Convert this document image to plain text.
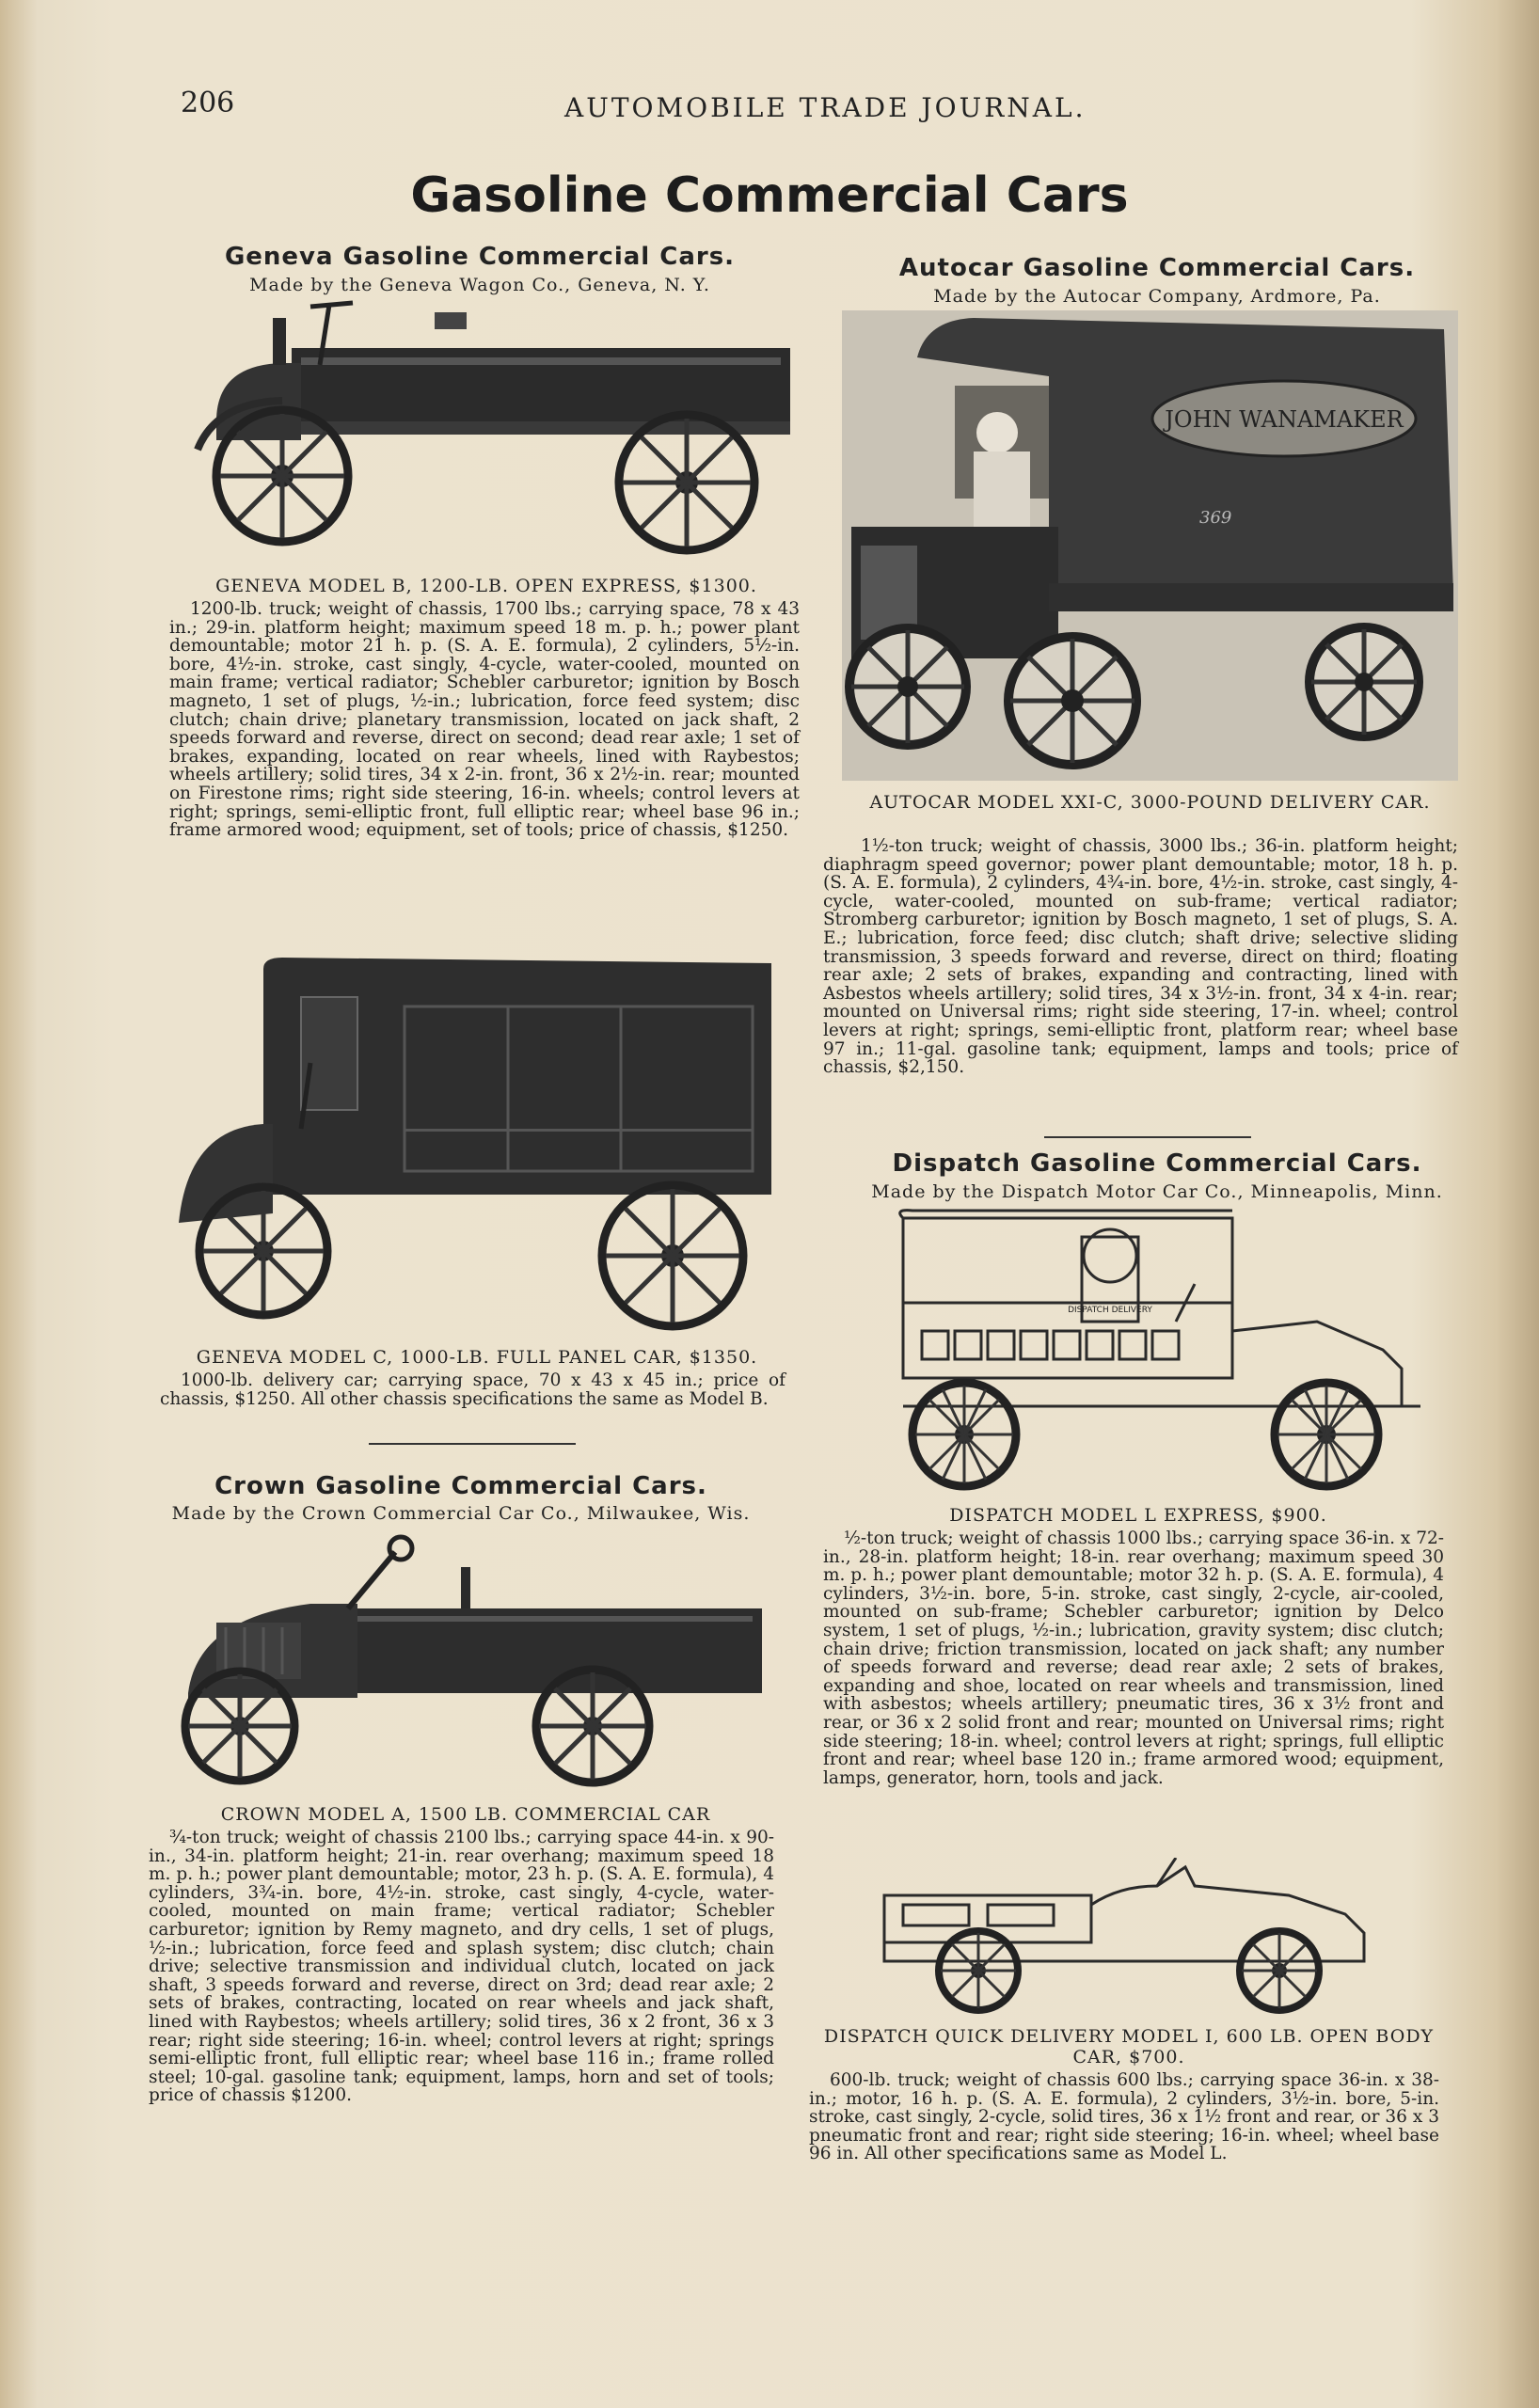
206	AUTOMOBILE TRADE JOURNAL.
Gasoline Commercial Cars
Geneva Gasoline Commercial Cars.
Made by the Geneva Wagon Co., Geneva, N. Y.
GENEVA MODEL B, 1200-LB. OPEN EXPRESS, $1300.
1200-lb. truck; weight of chassis, 1700 lbs.; carrying space, 78 x 43 in.; 29-in. platform height; maximum speed 18 m. p. h.; power plant demountable; motor 21 h. p. (S. A. E. formula), 2 cylinders, 5½-in. bore, 4½-in. stroke, cast singly, 4-cycle, water-cooled, mounted on main frame; vertical radiator; Schebler carburetor; ignition by Bosch magneto, 1 set of plugs, ½-in.; lubrication, force feed system; disc clutch; chain drive; planetary transmission, located on jack shaft, 2 speeds forward and reverse, direct on second; dead rear axle; 1 set of brakes, expanding, located on rear wheels, lined with Raybestos; wheels artillery; solid tires, 34 x 2-in. front, 36 x 2½-in. rear; mounted on Firestone rims; right side steering, 16-in. wheels; control levers at right; springs, semi-elliptic front, full elliptic rear; wheel base 96 in.; frame armored wood; equipment, set of tools; price of chassis, $1250.
GENEVA MODEL C, 1000-LB. FULL PANEL CAR, $1350.
1000-lb. delivery car; carrying space, 70 x 43 x 45 in.; price of chassis, $1250. All other chassis specifications the same as Model B.
Crown Gasoline Commercial Cars.
Made by the Crown Commercial Car Co., Milwaukee, Wis.
CROWN MODEL A, 1500 LB. COMMERCIAL CAR
¾-ton truck; weight of chassis 2100 lbs.; carrying space 44-in. x 90-in., 34-in. platform height; 21-in. rear overhang; maximum speed 18 m. p. h.; power plant demountable; motor, 23 h. p. (S. A. E. formula), 4 cylinders, 3¾-in. bore, 4½-in. stroke, cast singly, 4-cycle, water-cooled, mounted on main frame; vertical radiator; Schebler carburetor; ignition by Remy magneto, and dry cells, 1 set of plugs, ½-in.; lubrication, force feed and splash system; disc clutch; chain drive; selective transmission and individual clutch, located on jack shaft, 3 speeds forward and reverse, direct on 3rd; dead rear axle; 2 sets of brakes, contracting, located on rear wheels and jack shaft, lined with Raybestos; wheels artillery; solid tires, 36 x 2 front, 36 x 3 rear; right side steering; 16-in. wheel; control levers at right; springs semi-elliptic front, full elliptic rear; wheel base 116 in.; frame rolled steel; 10-gal. gasoline tank; equipment, lamps, horn and set of tools; price of chassis $1200.
Autocar Gasoline Commercial Cars.
Made by the Autocar Company, Ardmore, Pa.
JOHN WANAMAKER
369
AUTOCAR MODEL XXI-C, 3000-POUND DELIVERY CAR.
1½-ton truck; weight of chassis, 3000 lbs.; 36-in. platform height; diaphragm speed governor; power plant demountable; motor, 18 h. p. (S. A. E. formula), 2 cylinders, 4¾-in. bore, 4½-in. stroke, cast singly, 4-cycle, water-cooled, mounted on sub-frame; vertical radiator; Stromberg carburetor; ignition by Bosch magneto, 1 set of plugs, S. A. E.; lubrication, force feed; disc clutch; shaft drive; selective sliding transmission, 3 speeds forward and reverse, direct on third; floating rear axle; 2 sets of brakes, expanding and contracting, lined with Asbestos wheels artillery; solid tires, 34 x 3½-in. front, 34 x 4-in. rear; mounted on Universal rims; right side steering, 17-in. wheel; control levers at right; springs, semi-elliptic front, platform rear; wheel base 97 in.; 11-gal. gasoline tank; equipment, lamps and tools; price of chassis, $2,150.
Dispatch Gasoline Commercial Cars.
Made by the Dispatch Motor Car Co., Minneapolis, Minn.
DISPATCH DELIVERY
DISPATCH MODEL L EXPRESS, $900.
½-ton truck; weight of chassis 1000 lbs.; carrying space 36-in. x 72-in., 28-in. platform height; 18-in. rear overhang; maximum speed 30 m. p. h.; power plant demountable; motor 32 h. p. (S. A. E. formula), 4 cylinders, 3½-in. bore, 5-in. stroke, cast singly, 2-cycle, air-cooled, mounted on sub-frame; Schebler carburetor; ignition by Delco system, 1 set of plugs, ½-in.; lubrication, gravity system; disc clutch; chain drive; friction transmission, located on jack shaft; any number of speeds forward and reverse; dead rear axle; 2 sets of brakes, expanding and shoe, located on rear wheels and transmission, lined with asbestos; wheels artillery; pneumatic tires, 36 x 3½ front and rear, or 36 x 2 solid front and rear; mounted on Universal rims; right side steering; 18-in. wheel; control levers at right; springs, full elliptic front and rear; wheel base 120 in.; frame armored wood; equipment, lamps, generator, horn, tools and jack.
DISPATCH QUICK DELIVERY MODEL I, 600 LB. OPEN BODY CAR, $700.
600-lb. truck; weight of chassis 600 lbs.; carrying space 36-in. x 38-in.; motor, 16 h. p. (S. A. E. formula), 2 cylinders, 3½-in. bore, 5-in. stroke, cast singly, 2-cycle, solid tires, 36 x 1½ front and rear, or 36 x 3 pneumatic front and rear; right side steering; 16-in. wheel; wheel base 96 in. All other specifications same as Model L.
